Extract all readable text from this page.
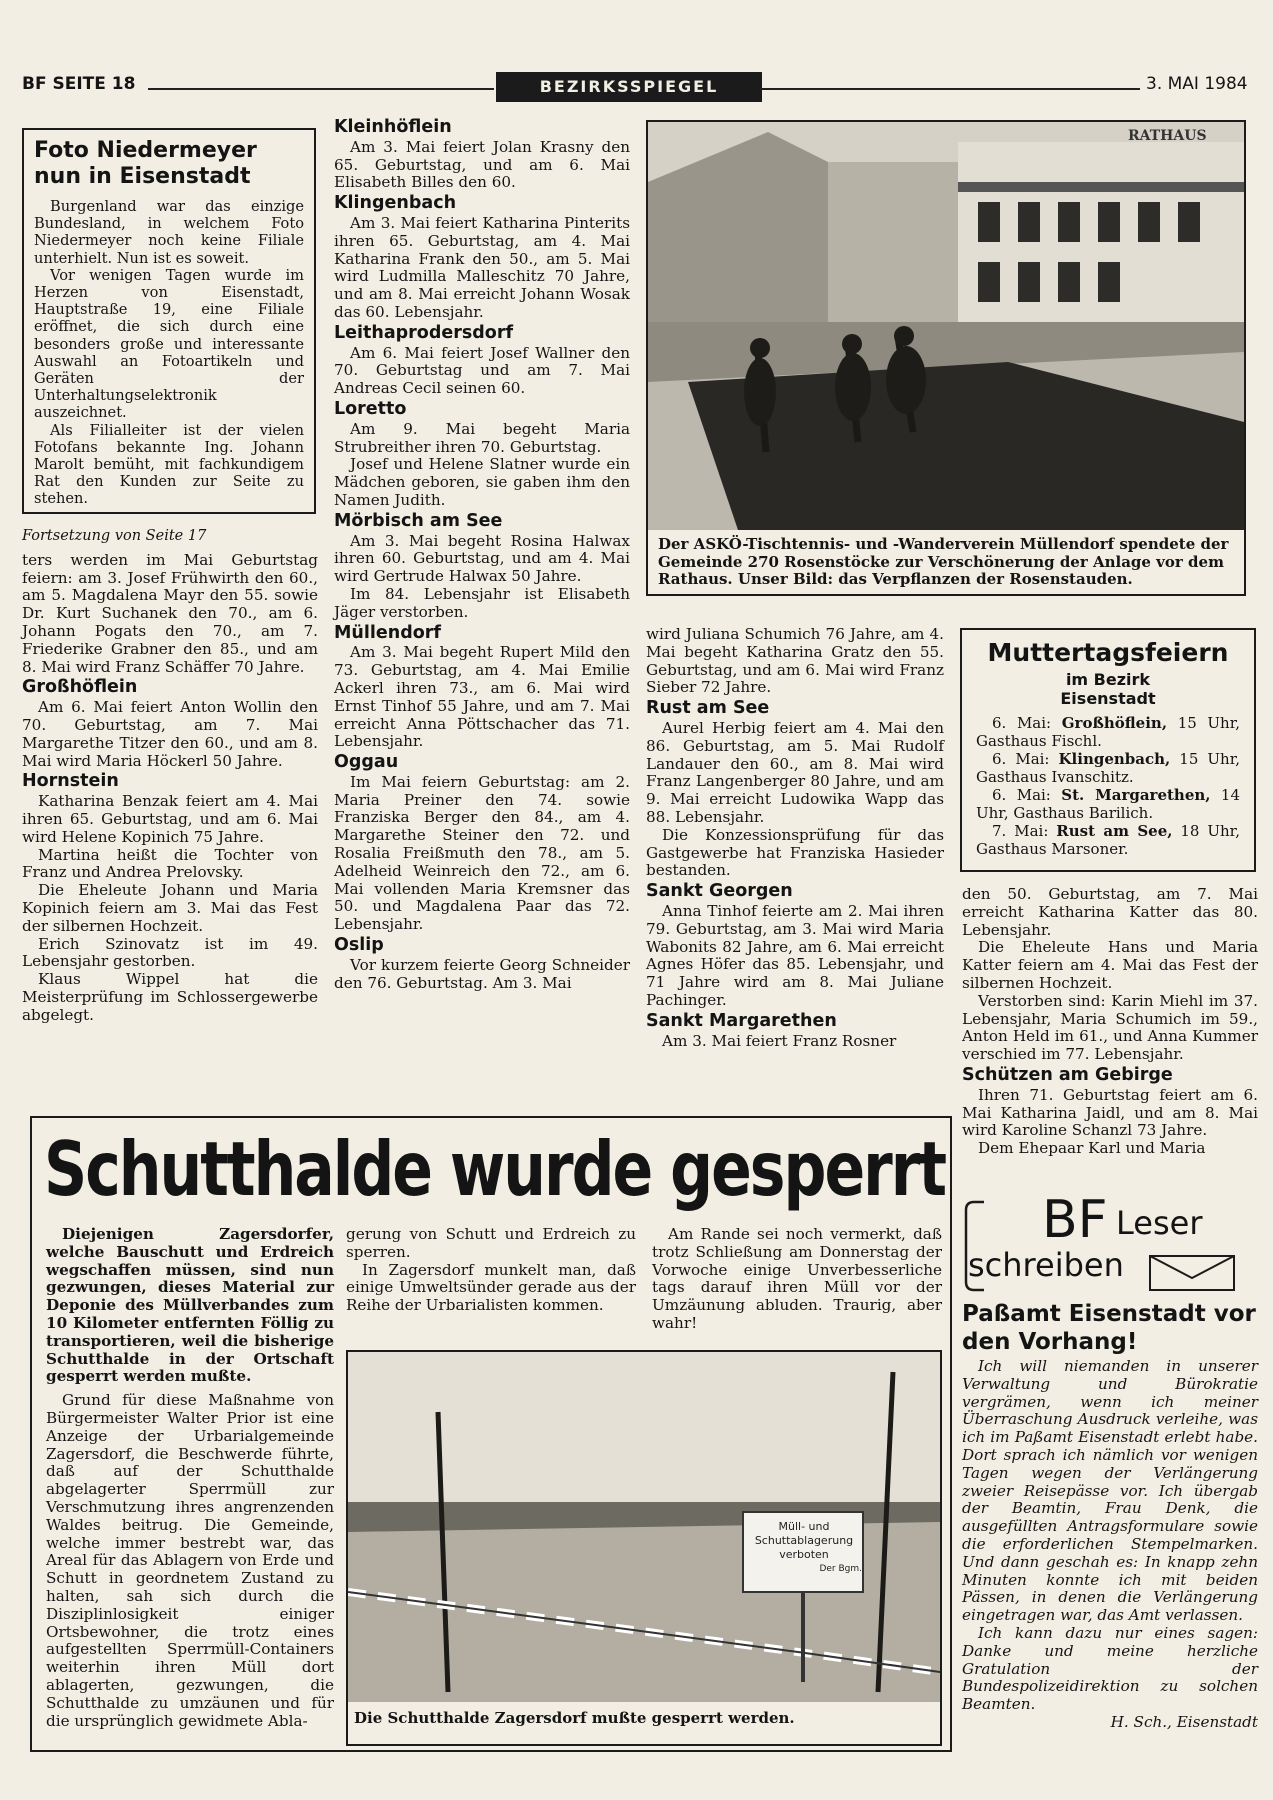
BF SEITE 18	BEZIRKSSPIEGEL	3. MAI 1984
Foto Niedermeyer nun in Eisenstadt

Burgenland war das einzige Bundesland, in welchem Foto Niedermeyer noch keine Filiale unterhielt. Nun ist es soweit.

Vor wenigen Tagen wurde im Herzen von Eisenstadt, Hauptstraße 19, eine Filiale eröffnet, die sich durch eine besonders große und interessante Auswahl an Fotoartikeln und Geräten der Unterhaltungselektronik auszeichnet.

Als Filialleiter ist der vielen Fotofans bekannte Ing. Johann Marolt bemüht, mit fachkundigem Rat den Kunden zur Seite zu stehen.

Fortsetzung von Seite 17

ters werden im Mai Geburtstag feiern: am 3. Josef Frühwirth den 60., am 5. Magdalena Mayr den 55. sowie Dr. Kurt Suchanek den 70., am 6. Johann Pogats den 70., am 7. Friederike Grabner den 85., und am 8. Mai wird Franz Schäffer 70 Jahre.

Großhöflein

Am 6. Mai feiert Anton Wollin den 70. Geburtstag, am 7. Mai Margarethe Titzer den 60., und am 8. Mai wird Maria Höckerl 50 Jahre.

Hornstein

Katharina Benzak feiert am 4. Mai ihren 65. Geburtstag, und am 6. Mai wird Helene Kopinich 75 Jahre.

Martina heißt die Tochter von Franz und Andrea Prelovsky.

Die Eheleute Johann und Maria Kopinich feiern am 3. Mai das Fest der silbernen Hochzeit.

Erich Szinovatz ist im 49. Lebensjahr gestorben.

Klaus Wippel hat die Meisterprüfung im Schlossergewerbe abgelegt.

Kleinhöflein

Am 3. Mai feiert Jolan Krasny den 65. Geburtstag, und am 6. Mai Elisabeth Billes den 60.

Klingenbach

Am 3. Mai feiert Katharina Pinterits ihren 65. Geburtstag, am 4. Mai Katharina Frank den 50., am 5. Mai wird Ludmilla Malleschitz 70 Jahre, und am 8. Mai erreicht Johann Wosak das 60. Lebensjahr.

Leithaprodersdorf

Am 6. Mai feiert Josef Wallner den 70. Geburtstag und am 7. Mai Andreas Cecil seinen 60.

Loretto

Am 9. Mai begeht Maria Strubreither ihren 70. Geburtstag.

Josef und Helene Slatner wurde ein Mädchen geboren, sie gaben ihm den Namen Judith.

Mörbisch am See

Am 3. Mai begeht Rosina Halwax ihren 60. Geburtstag, und am 4. Mai wird Gertrude Halwax 50 Jahre.

Im 84. Lebensjahr ist Elisabeth Jäger verstorben.

Müllendorf

Am 3. Mai begeht Rupert Mild den 73. Geburtstag, am 4. Mai Emilie Ackerl ihren 73., am 6. Mai wird Ernst Tinhof 55 Jahre, und am 7. Mai erreicht Anna Pöttschacher das 71. Lebensjahr.

Oggau

Im Mai feiern Geburtstag: am 2. Maria Preiner den 74. sowie Franziska Berger den 84., am 4. Margarethe Steiner den 72. und Rosalia Freißmuth den 78., am 5. Adelheid Weinreich den 72., am 6. Mai vollenden Maria Kremsner das 50. und Magdalena Paar das 72. Lebensjahr.

Oslip

Vor kurzem feierte Georg Schneider den 76. Geburtstag. Am 3. Mai

RATHAUS
Der ASKÖ-Tischtennis- und -Wanderverein Müllendorf spendete der Gemeinde 270 Rosenstöcke zur Verschönerung der Anlage vor dem Rathaus. Unser Bild: das Verpflanzen der Rosenstauden.

wird Juliana Schumich 76 Jahre, am 4. Mai begeht Katharina Gratz den 55. Geburtstag, und am 6. Mai wird Franz Sieber 72 Jahre.

Rust am See

Aurel Herbig feiert am 4. Mai den 86. Geburtstag, am 5. Mai Rudolf Landauer den 60., am 8. Mai wird Franz Langenberger 80 Jahre, und am 9. Mai erreicht Ludowika Wapp das 88. Lebensjahr.

Die Konzessionsprüfung für das Gastgewerbe hat Franziska Hasieder bestanden.

Sankt Georgen

Anna Tinhof feierte am 2. Mai ihren 79. Geburtstag, am 3. Mai wird Maria Wabonits 82 Jahre, am 6. Mai erreicht Agnes Höfer das 85. Lebensjahr, und 71 Jahre wird am 8. Mai Juliane Pachinger.

Sankt Margarethen

Am 3. Mai feiert Franz Rosner

Muttertagsfeiern
im Bezirk Eisenstadt

6. Mai: Großhöflein, 15 Uhr, Gasthaus Fischl.

6. Mai: Klingenbach, 15 Uhr, Gasthaus Ivanschitz.

6. Mai: St. Margarethen, 14 Uhr, Gasthaus Barilich.

7. Mai: Rust am See, 18 Uhr, Gasthaus Marsoner.

den 50. Geburtstag, am 7. Mai erreicht Katharina Katter das 80. Lebensjahr.

Die Eheleute Hans und Maria Katter feiern am 4. Mai das Fest der silbernen Hochzeit.

Verstorben sind: Karin Miehl im 37. Lebensjahr, Maria Schumich im 59., Anton Held im 61., und Anna Kummer verschied im 77. Lebensjahr.

Schützen am Gebirge

Ihren 71. Geburtstag feiert am 6. Mai Katharina Jaidl, und am 8. Mai wird Karoline Schanzl 73 Jahre.

Dem Ehepaar Karl und Maria

Schutthalde wurde gesperrt

Diejenigen Zagersdorfer, welche Bauschutt und Erdreich wegschaffen müssen, sind nun gezwungen, dieses Material zur Deponie des Müllverbandes zum 10 Kilometer entfernten Föllig zu transportieren, weil die bisherige Schutthalde in der Ortschaft gesperrt werden mußte.

Grund für diese Maßnahme von Bürgermeister Walter Prior ist eine Anzeige der Urbarialgemeinde Zagersdorf, die Beschwerde führte, daß auf der Schutthalde abgelagerter Sperrmüll zur Verschmutzung ihres angrenzenden Waldes beitrug. Die Gemeinde, welche immer bestrebt war, das Areal für das Ablagern von Erde und Schutt in geordnetem Zustand zu halten, sah sich durch die Disziplinlosigkeit einiger Ortsbewohner, die trotz eines aufgestellten Sperrmüll-Containers weiterhin ihren Müll dort ablagerten, gezwungen, die Schutthalde zu umzäunen und für die ursprünglich gewidmete Abla-

gerung von Schutt und Erdreich zu sperren.

In Zagersdorf munkelt man, daß einige Umweltsünder gerade aus der Reihe der Urbarialisten kommen.

Am Rande sei noch vermerkt, daß trotz Schließung am Donnerstag der Vorwoche einige Unverbesserliche tags darauf ihren Müll vor der Umzäunung abluden. Traurig, aber wahr!

Müll- und
Schuttablagerung
verboten
Der Bgm.
Die Schutthalde Zagersdorf mußte gesperrt werden.
BF Leser
schreiben
Paßamt Eisenstadt vor den Vorhang!

Ich will niemanden in unserer Verwaltung und Bürokratie vergrämen, wenn ich meiner Überraschung Ausdruck verleihe, was ich im Paßamt Eisenstadt erlebt habe. Dort sprach ich nämlich vor wenigen Tagen wegen der Verlängerung zweier Reisepässe vor. Ich übergab der Beamtin, Frau Denk, die ausgefüllten Antragsformulare sowie die erforderlichen Stempelmarken. Und dann geschah es: In knapp zehn Minuten konnte ich mit beiden Pässen, in denen die Verlängerung eingetragen war, das Amt verlassen.

Ich kann dazu nur eines sagen: Danke und meine herzliche Gratulation der Bundespolizeidirektion zu solchen Beamten.

H. Sch., Eisenstadt
